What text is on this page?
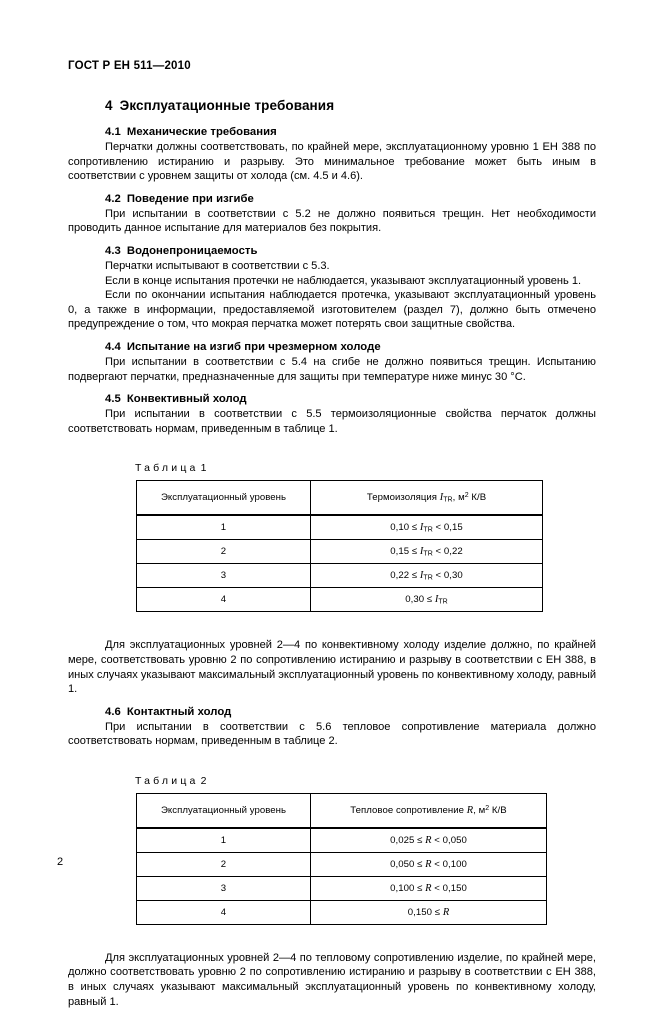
ГОСТ Р ЕН 511—2010
4 Эксплуатационные требования
4.1 Механические требования

Перчатки должны соответствовать, по крайней мере, эксплуатационному уровню 1 ЕН 388 по сопротивлению истиранию и разрыву. Это минимальное требование может быть иным в соответствии с уровнем защиты от холода (см. 4.5 и 4.6).

4.2 Поведение при изгибе

При испытании в соответствии с 5.2 не должно появиться трещин. Нет необходимости проводить данное испытание для материалов без покрытия.

4.3 Водонепроницаемость

Перчатки испытывают в соответствии с 5.3.

Если в конце испытания протечки не наблюдается, указывают эксплуатационный уровень 1.

Если по окончании испытания наблюдается протечка, указывают эксплуатационный уровень 0, а также в информации, предоставляемой изготовителем (раздел 7), должно быть отмечено предупреждение о том, что мокрая перчатка может потерять свои защитные свойства.

4.4 Испытание на изгиб при чрезмерном холоде

При испытании в соответствии с 5.4 на сгибе не должно появиться трещин. Испытанию подвергают перчатки, предназначенные для защиты при температуре ниже минус 30 °С.

4.5 Конвективный холод

При испытании в соответствии с 5.5 термоизоляционные свойства перчаток должны соответствовать нормам, приведенным в таблице 1.

Таблица 1
Эксплуатационный уровень	Термоизоляция $I_{TR}$, $м^2$ К/В
1	$0,10 \le I_{TR} < 0,15$
2	$0,15 \le I_{TR} < 0,22$
3	$0,22 \le I_{TR} < 0,30$
4	$0,30 \le I_{TR}$

Для эксплуатационных уровней 2—4 по конвективному холоду изделие должно, по крайней мере, соответствовать уровню 2 по сопротивлению истиранию и разрыву в соответствии с ЕН 388, в иных случаях указывают максимальный эксплуатационный уровень по конвективному холоду, равный 1.

4.6 Контактный холод

При испытании в соответствии с 5.6 тепловое сопротивление материала должно соответствовать нормам, приведенным в таблице 2.

Таблица 2
Эксплуатационный уровень	Тепловое сопротивление R, $м^2$ К/В
1	0,025 ≤ R < 0,050
2	0,050 ≤ R < 0,100
3	0,100 ≤ R < 0,150
4	0,150 ≤ R

Для эксплуатационных уровней 2—4 по тепловому сопротивлению изделие, по крайней мере, должно соответствовать уровню 2 по сопротивлению истиранию и разрыву в соответствии с ЕН 388, в иных случаях указывают максимальный эксплуатационный уровень по конвективному холоду, равный 1.

2
